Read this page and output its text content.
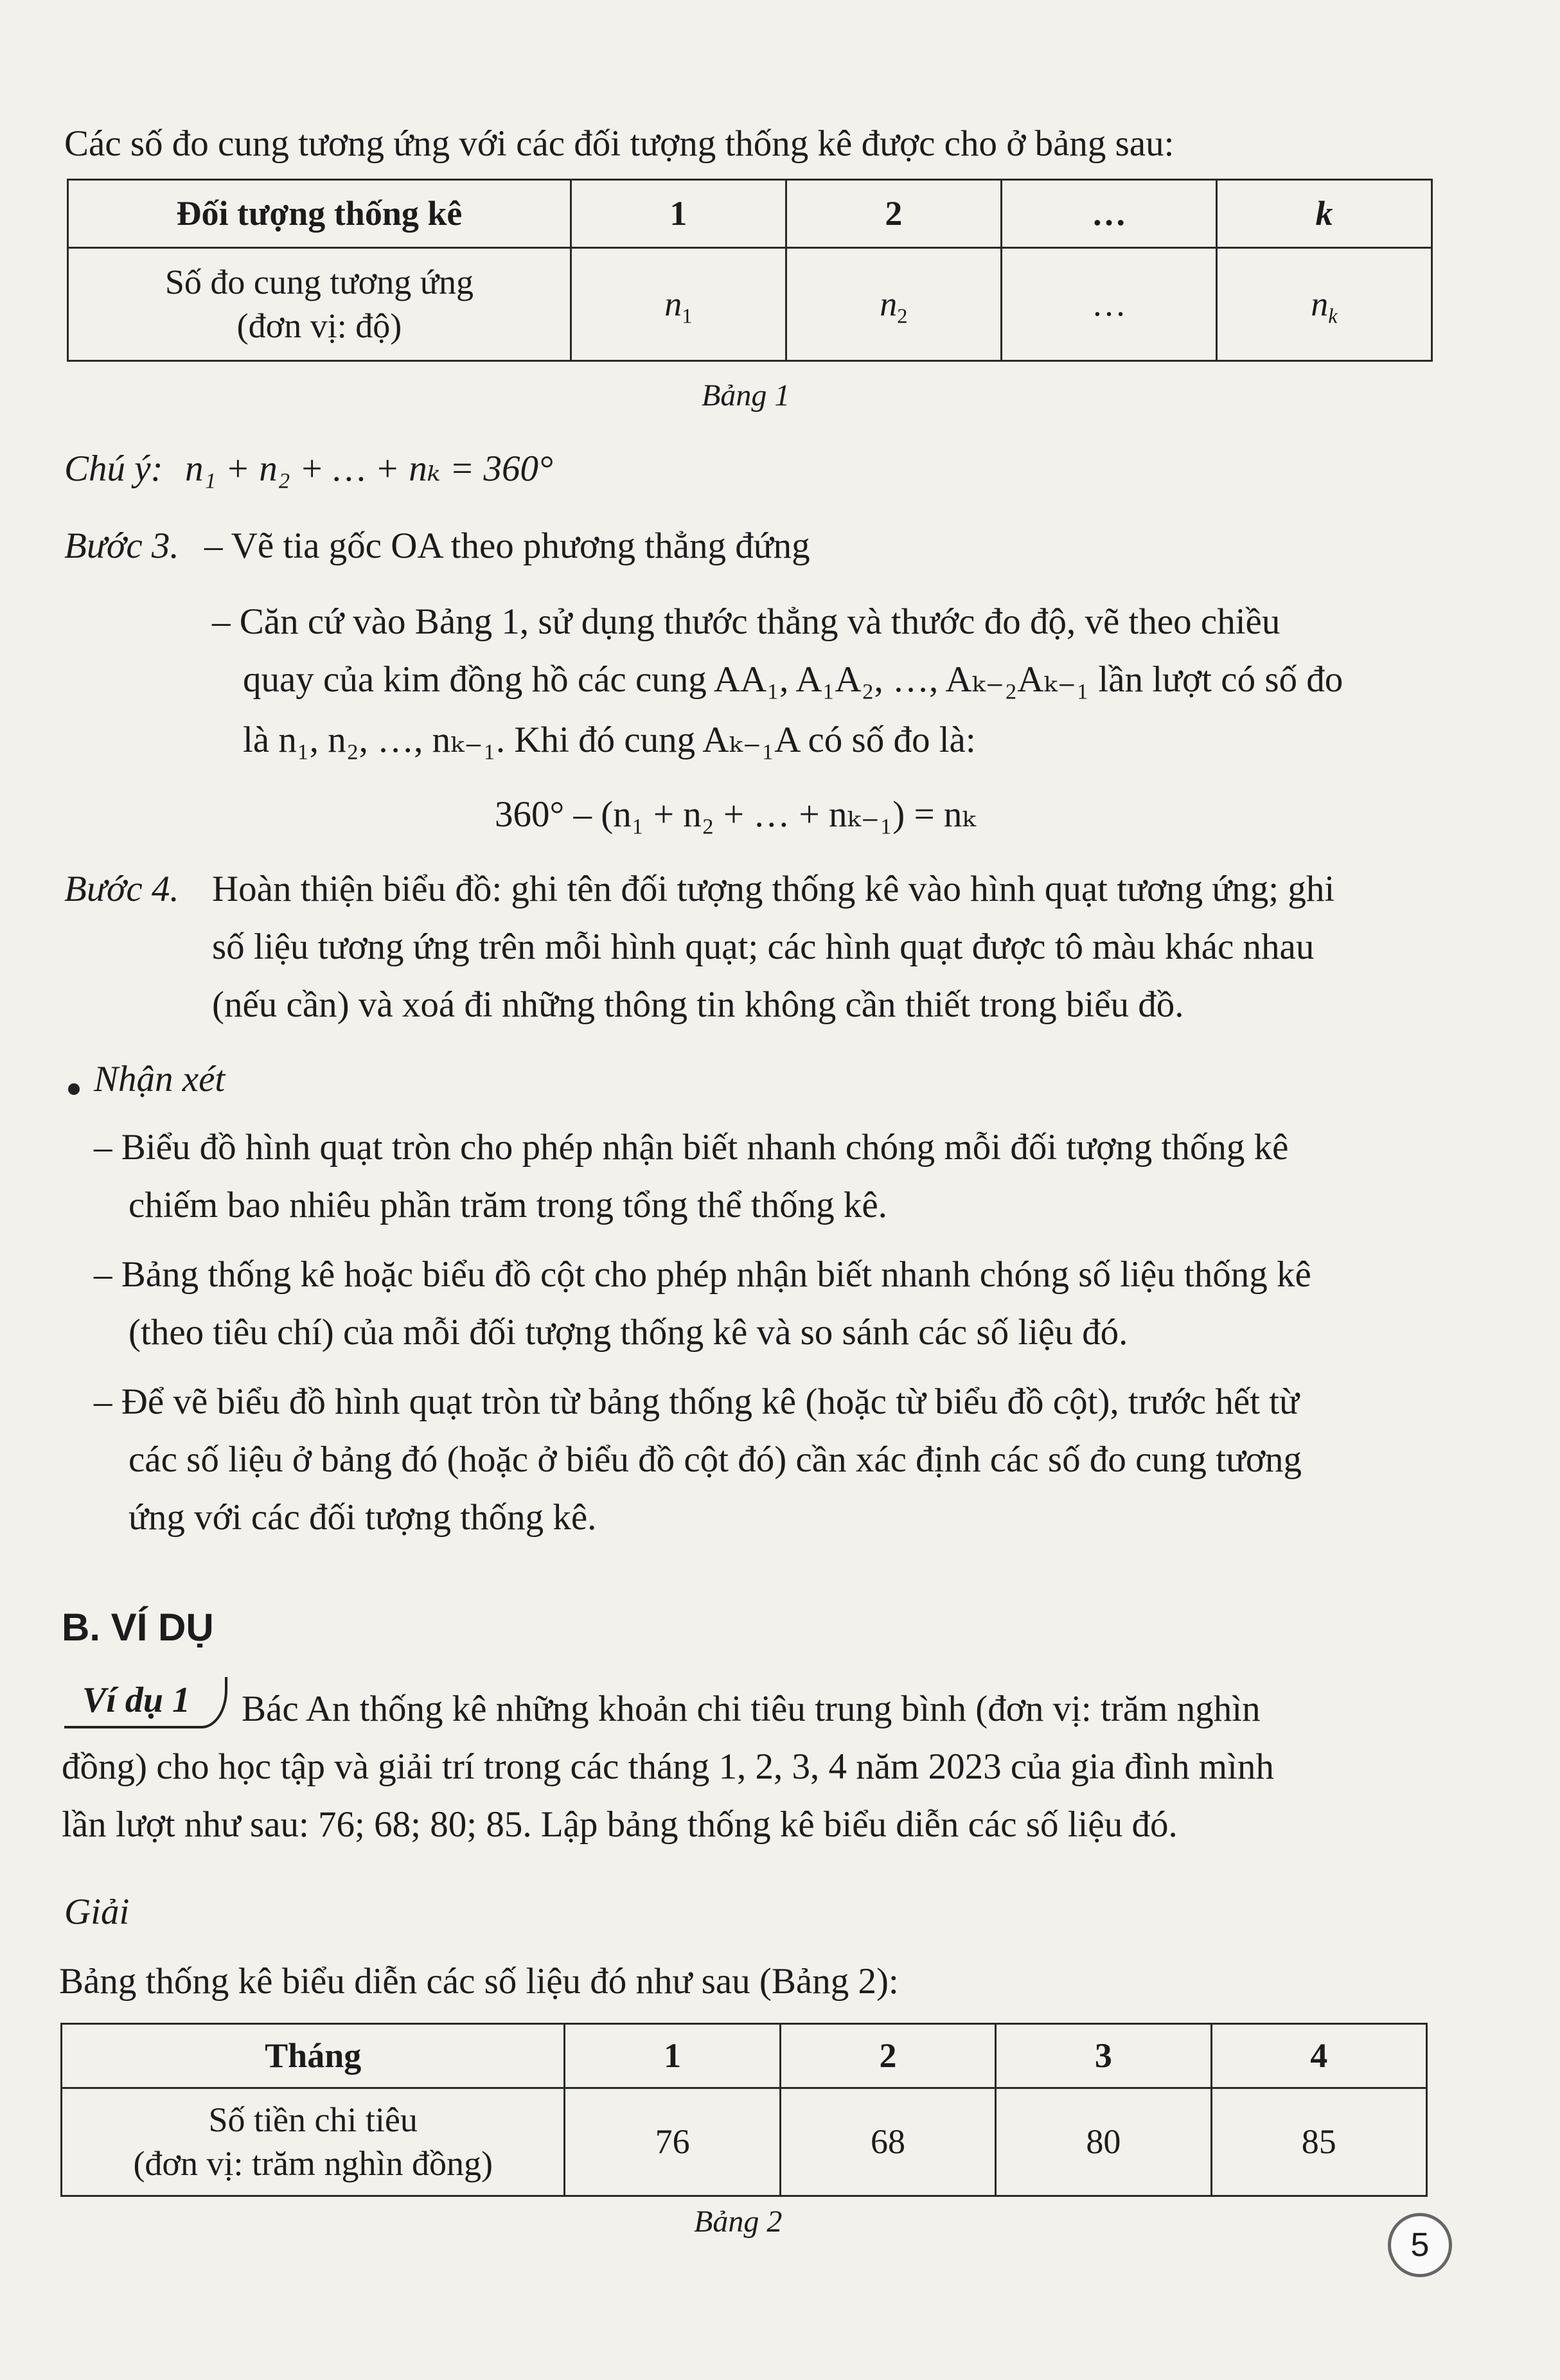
Các số đo cung tương ứng với các đối tượng thống kê được cho ở bảng sau:
Đối tượng thống kê	1	2	…	k

Số đo cung tương ứng
(đơn vị: độ)	$n_1$	$n_2$	…	$n_k$
Bảng 1
Chú ý: n₁ + n₂ + … + nₖ = 360°
Bước 3. – Vẽ tia gốc OA theo phương thẳng đứng
– Căn cứ vào Bảng 1, sử dụng thước thẳng và thước đo độ, vẽ theo chiều
quay của kim đồng hồ các cung AA₁, A₁A₂, …, Aₖ₋₂Aₖ₋₁ lần lượt có số đo
là n₁, n₂, …, nₖ₋₁. Khi đó cung Aₖ₋₁A có số đo là:
360° – (n₁ + n₂ + … + nₖ₋₁) = nₖ
Bước 4. Hoàn thiện biểu đồ: ghi tên đối tượng thống kê vào hình quạt tương ứng; ghi
số liệu tương ứng trên mỗi hình quạt; các hình quạt được tô màu khác nhau
(nếu cần) và xoá đi những thông tin không cần thiết trong biểu đồ.
Nhận xét
– Biểu đồ hình quạt tròn cho phép nhận biết nhanh chóng mỗi đối tượng thống kê
chiếm bao nhiêu phần trăm trong tổng thể thống kê.
– Bảng thống kê hoặc biểu đồ cột cho phép nhận biết nhanh chóng số liệu thống kê
(theo tiêu chí) của mỗi đối tượng thống kê và so sánh các số liệu đó.
– Để vẽ biểu đồ hình quạt tròn từ bảng thống kê (hoặc từ biểu đồ cột), trước hết từ
các số liệu ở bảng đó (hoặc ở biểu đồ cột đó) cần xác định các số đo cung tương
ứng với các đối tượng thống kê.
B. VÍ DỤ
Ví dụ 1 Bác An thống kê những khoản chi tiêu trung bình (đơn vị: trăm nghìn
đồng) cho học tập và giải trí trong các tháng 1, 2, 3, 4 năm 2023 của gia đình mình
lần lượt như sau: 76; 68; 80; 85. Lập bảng thống kê biểu diễn các số liệu đó.
Giải
Bảng thống kê biểu diễn các số liệu đó như sau (Bảng 2):
Tháng	1	2	3	4

Số tiền chi tiêu
(đơn vị: trăm nghìn đồng)	76	68	80	85
Bảng 2
5
